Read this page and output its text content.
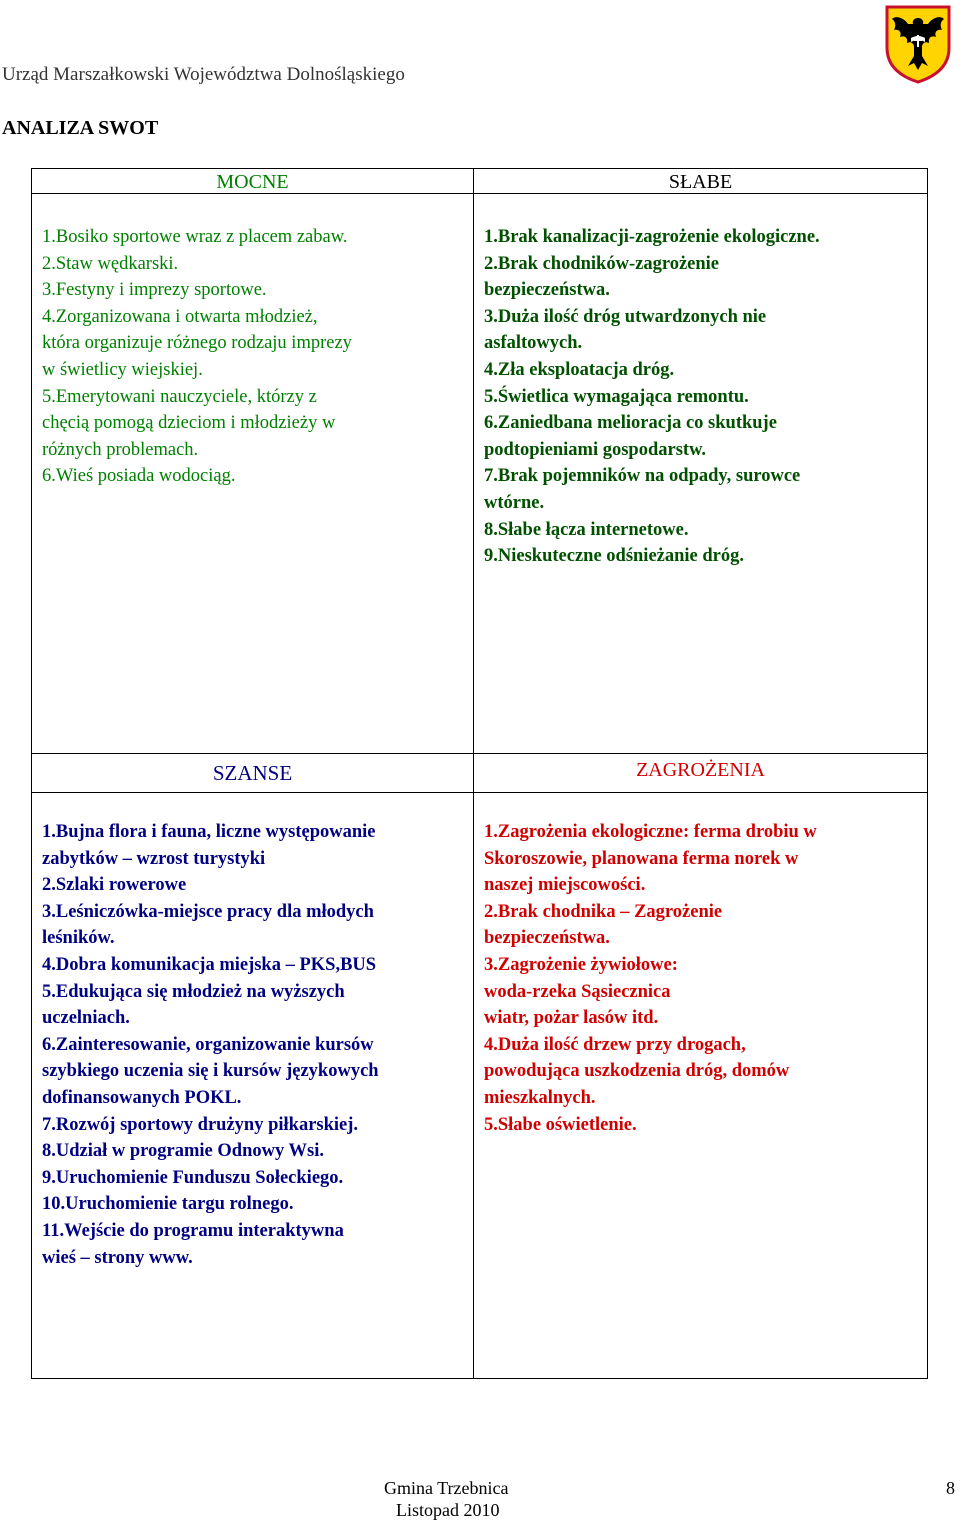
Urząd Marszałkowski Województwa Dolnośląskiego
ANALIZA SWOT
MOCNE	SŁABE
1.Bosiko sportowe wraz z placem zabaw.
2.Staw wędkarski.
3.Festyny i imprezy sportowe.
4.Zorganizowana i otwarta młodzież,
która organizuje różnego rodzaju imprezy
w świetlicy wiejskiej.
5.Emerytowani nauczyciele, którzy z
chęcią pomogą dzieciom i młodzieży w
różnych problemach.
6.Wieś posiada wodociąg.
1.Brak kanalizacji-zagrożenie ekologiczne.
2.Brak chodników-zagrożenie
bezpieczeństwa.
3.Duża ilość dróg utwardzonych nie
asfaltowych.
4.Zła eksploatacja dróg.
5.Świetlica wymagająca remontu.
6.Zaniedbana melioracja co skutkuje
podtopieniami gospodarstw.
7.Brak pojemników na odpady, surowce
wtórne.
8.Słabe łącza internetowe.
9.Nieskuteczne odśnieżanie dróg.
SZANSE	ZAGROŻENIA
1.Bujna flora i fauna, liczne występowanie
zabytków – wzrost turystyki
2.Szlaki rowerowe
3.Leśniczówka-miejsce pracy dla młodych
leśników.
4.Dobra komunikacja miejska – PKS,BUS
5.Edukująca się młodzież na wyższych
uczelniach.
6.Zainteresowanie, organizowanie kursów
szybkiego uczenia się i kursów językowych
dofinansowanych POKL.
7.Rozwój sportowy drużyny piłkarskiej.
8.Udział w programie Odnowy Wsi.
9.Uruchomienie Funduszu Sołeckiego.
10.Uruchomienie targu rolnego.
11.Wejście do programu interaktywna
wieś – strony www.
1.Zagrożenia ekologiczne: ferma drobiu w
Skoroszowie, planowana ferma norek w
naszej miejscowości.
2.Brak chodnika – Zagrożenie
bezpieczeństwa.
3.Zagrożenie żywiołowe:
woda-rzeka Sąsiecznica
wiatr, pożar lasów itd.
4.Duża ilość drzew przy drogach,
powodująca uszkodzenia dróg, domów
mieszkalnych.
5.Słabe oświetlenie.
Gmina Trzebnica
Listopad 2010
8
